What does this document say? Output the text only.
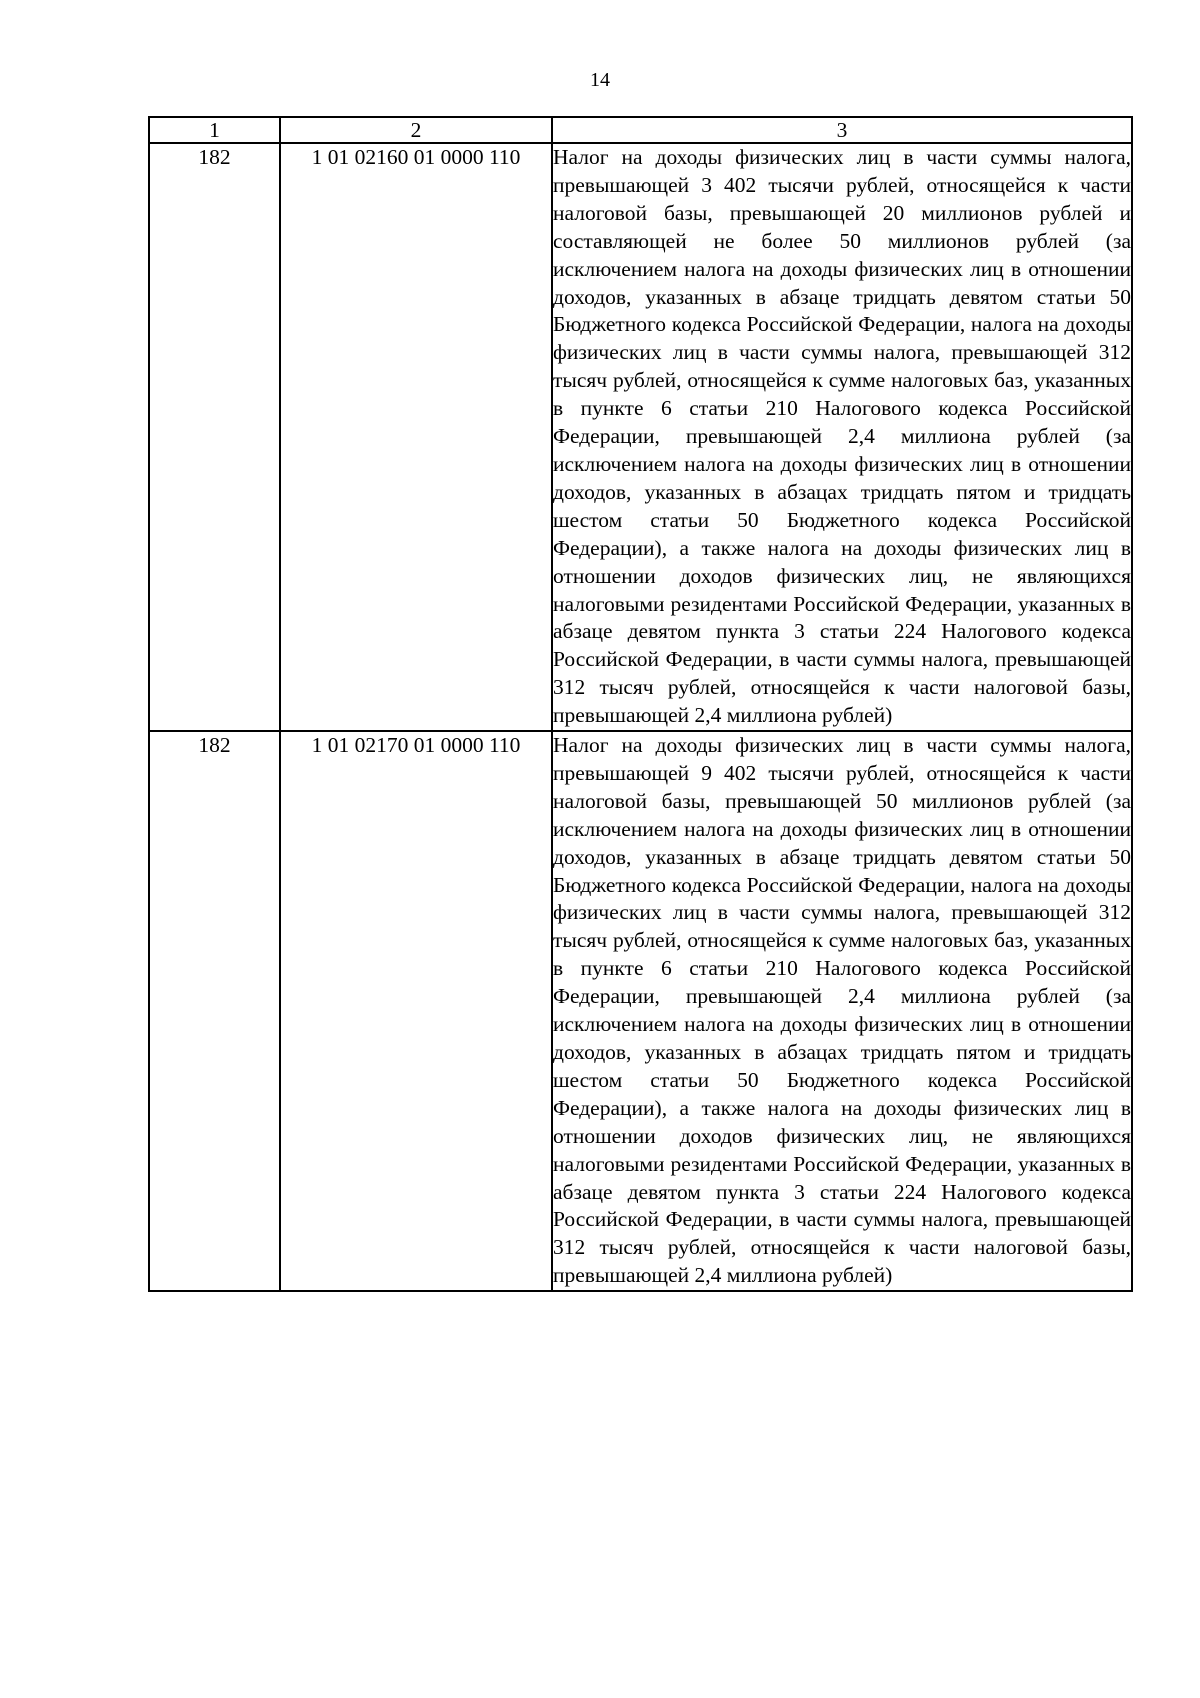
14
1	2	3
182	1 01 02160 01 0000 110	Налог на доходы физических лиц в части суммы налога, превышающей 3 402 тысячи рублей, относящейся к части налоговой базы, превышающей 20 миллионов рублей и составляющей не более 50 миллионов рублей (за исключением налога на доходы физических лиц в отношении доходов, указанных в абзаце тридцать девятом статьи 50 Бюджетного кодекса Российской Федерации, налога на доходы физических лиц в части суммы налога, превышающей 312 тысяч рублей, относящейся к сумме налоговых баз, указанных в пункте 6 статьи 210 Налогового кодекса Российской Федерации, превышающей 2,4 миллиона рублей (за исключением налога на доходы физических лиц в отношении доходов, указанных в абзацах тридцать пятом и тридцать шестом статьи 50 Бюджетного кодекса Российской Федерации), а также налога на доходы физических лиц в отношении доходов физических лиц, не являющихся налоговыми резидентами Российской Федерации, указанных в абзаце девятом пункта 3 статьи 224 Налогового кодекса Российской Федерации, в части суммы налога, превышающей 312 тысяч рублей, относящейся к части налоговой базы, превышающей 2,4 миллиона рублей)
182	1 01 02170 01 0000 110	Налог на доходы физических лиц в части суммы налога, превышающей 9 402 тысячи рублей, относящейся к части налоговой базы, превышающей 50 миллионов рублей (за исключением налога на доходы физических лиц в отношении доходов, указанных в абзаце тридцать девятом статьи 50 Бюджетного кодекса Российской Федерации, налога на доходы физических лиц в части суммы налога, превышающей 312 тысяч рублей, относящейся к сумме налоговых баз, указанных в пункте 6 статьи 210 Налогового кодекса Российской Федерации, превышающей 2,4 миллиона рублей (за исключением налога на доходы физических лиц в отношении доходов, указанных в абзацах тридцать пятом и тридцать шестом статьи 50 Бюджетного кодекса Российской Федерации), а также налога на доходы физических лиц в отношении доходов физических лиц, не являющихся налоговыми резидентами Российской Федерации, указанных в абзаце девятом пункта 3 статьи 224 Налогового кодекса Российской Федерации, в части суммы налога, превышающей 312 тысяч рублей, относящейся к части налоговой базы, превышающей 2,4 миллиона рублей)
